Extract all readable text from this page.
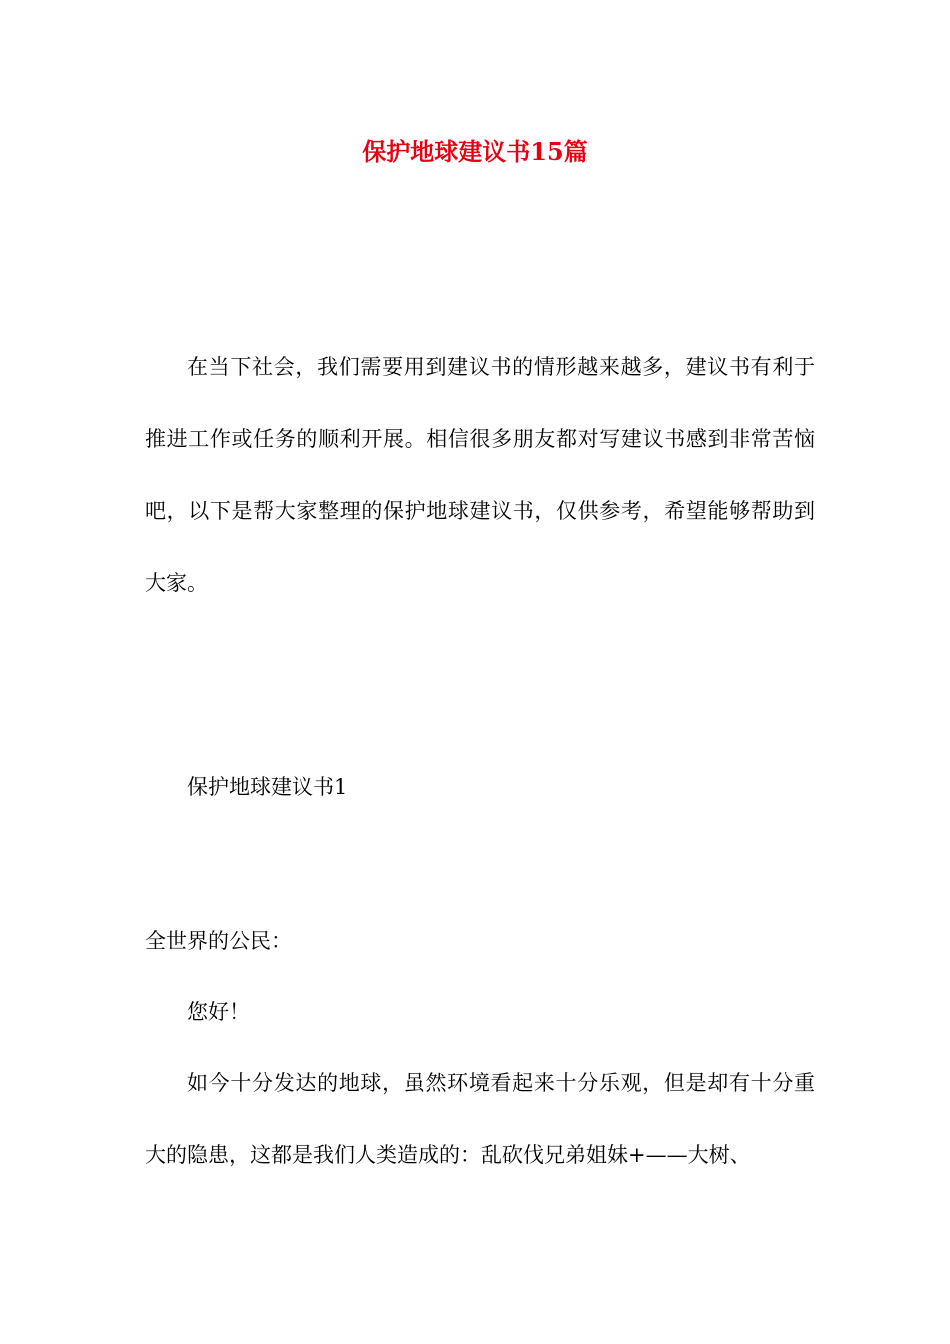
保护地球建议书15篇

在当下社会，我们需要用到建议书的情形越来越多，建议书有利于推进工作或任务的顺利开展。相信很多朋友都对写建议书感到非常苦恼吧，以下是帮大家整理的保护地球建议书，仅供参考，希望能够帮助到大家。

保护地球建议书1

全世界的公民：

您好！

如今十分发达的地球，虽然环境看起来十分乐观，但是却有十分重大的隐患，这都是我们人类造成的：乱砍伐兄弟姐妹+——大树、
